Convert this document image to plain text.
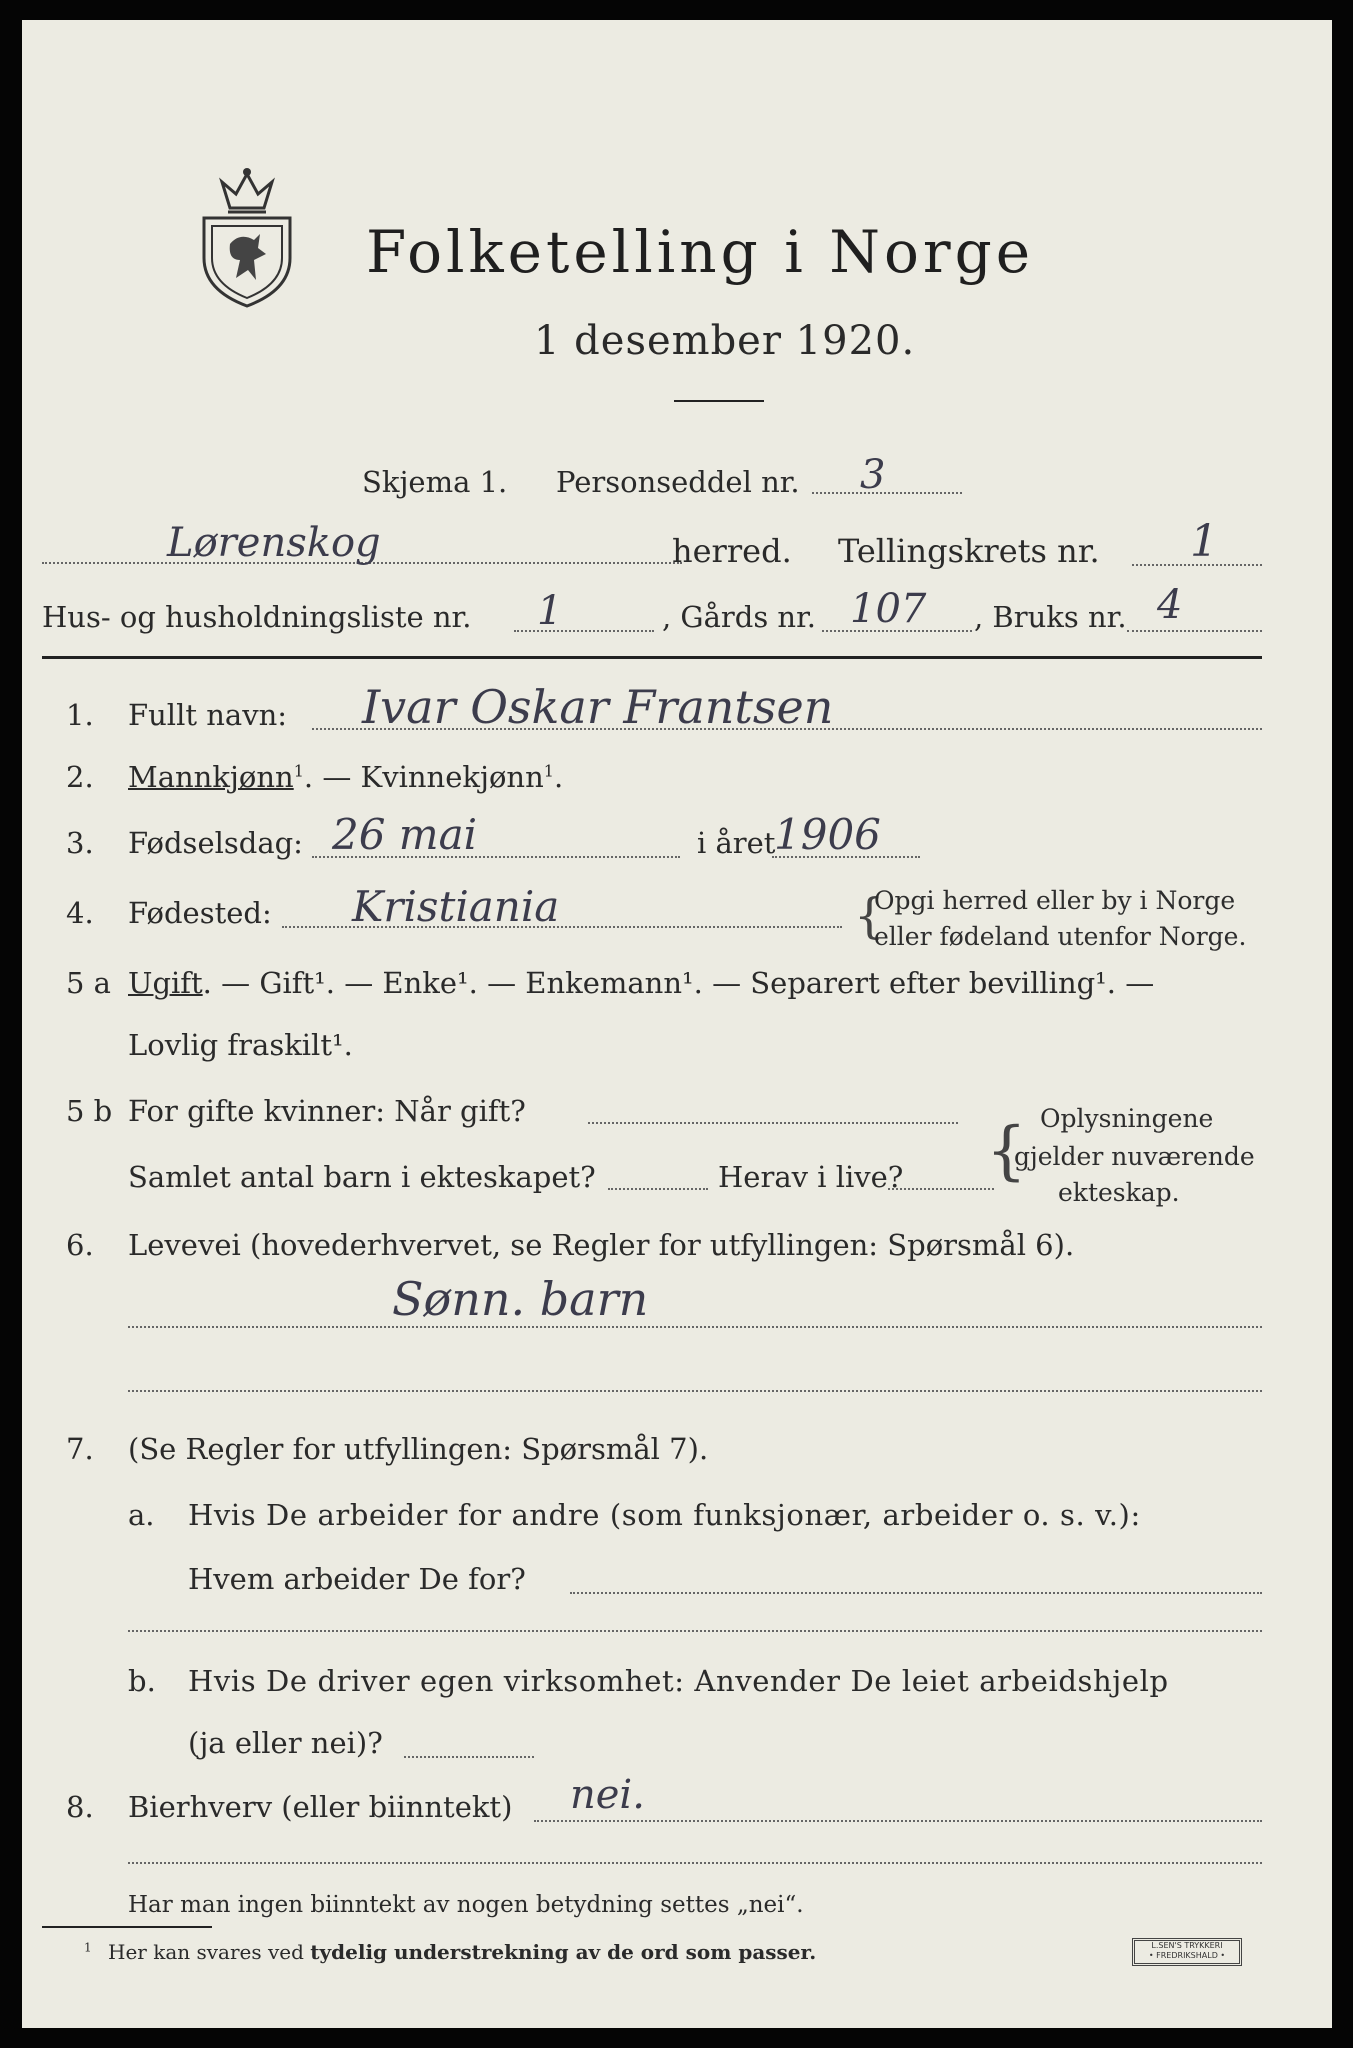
Folketelling i Norge
1 desember 1920.
Skjema 1. Personseddel nr. 3
Lørenskog	herred. Tellingskrets nr. 1
Hus- og husholdningsliste nr. 1	, Gårds nr. 107 , Bruks nr. 4
1. Fullt navn: Ivar Oskar Frantsen
2. Mannkjønn$^1$. — Kvinnekjønn$^1$.
3. Fødselsdag: 26 mai	i året
1906
4. Fødested: Kristiania	{
Opgi herred eller by i Norge
eller fødeland utenfor Norge.
5 a Ugift. — Gift¹. — Enke¹. — Enkemann¹. — Separert efter bevilling¹. —
Lovlig fraskilt¹.
5 b For gifte kvinner: Når gift?
Samlet antal barn i ekteskapet?	Herav i live? { Oplysningene
gjelder nuværende
ekteskap.
6. Levevei (hovederhvervet, se Regler for utfyllingen: Spørsmål 6).
Sønn. barn
7. (Se Regler for utfyllingen: Spørsmål 7).
a. Hvis De arbeider for andre (som funksjonær, arbeider o. s. v.):
Hvem arbeider De for?
b. Hvis De driver egen virksomhet: Anvender De leiet arbeidshjelp
(ja eller nei)?
8. Bierhverv (eller biinntekt) nei.
Har man ingen biinntekt av nogen betydning settes „nei“.
$^1$ Her kan svares ved tydelig understrekning av de ord som passer.	L.SEN'S TRYKKERI
• FREDRIKSHALD •
